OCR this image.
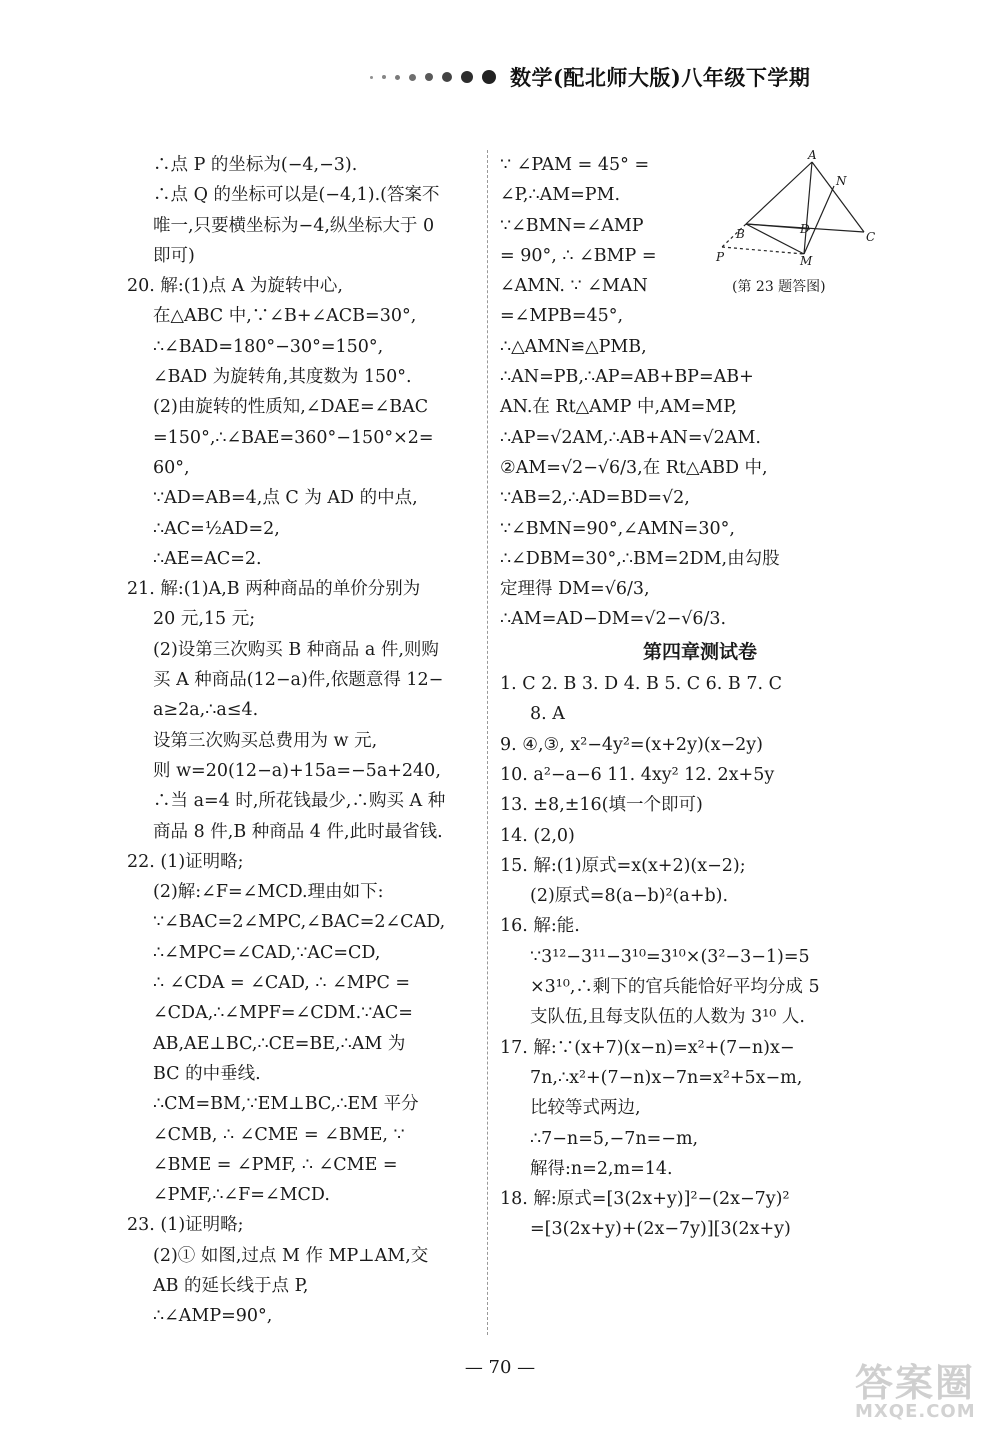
数学(配北师大版)八年级下学期
∴点 P 的坐标为(−4,−3).
∴点 Q 的坐标可以是(−4,1).(答案不
唯一,只要横坐标为−4,纵坐标大于 0
即可)
20. 解:(1)点 A 为旋转中心,
在△ABC 中,∵∠B+∠ACB=30°,
∴∠BAD=180°−30°=150°,
∠BAD 为旋转角,其度数为 150°.
(2)由旋转的性质知,∠DAE=∠BAC
=150°,∴∠BAE=360°−150°×2=
60°,
∵AD=AB=4,点 C 为 AD 的中点,
∴AC=½AD=2,
∴AE=AC=2.
21. 解:(1)A,B 两种商品的单价分别为
20 元,15 元;
(2)设第三次购买 B 种商品 a 件,则购
买 A 种商品(12−a)件,依题意得 12−
a≥2a,∴a≤4.
设第三次购买总费用为 w 元,
则 w=20(12−a)+15a=−5a+240,
∴当 a=4 时,所花钱最少,∴购买 A 种
商品 8 件,B 种商品 4 件,此时最省钱.
22. (1)证明略;
(2)解:∠F=∠MCD.理由如下:
∵∠BAC=2∠MPC,∠BAC=2∠CAD,
∴∠MPC=∠CAD,∵AC=CD,
∴ ∠CDA = ∠CAD, ∴ ∠MPC =
∠CDA,∴∠MPF=∠CDM.∵AC=
AB,AE⊥BC,∴CE=BE,∴AM 为
BC 的中垂线.
∴CM=BM,∵EM⊥BC,∴EM 平分
∠CMB, ∴ ∠CME = ∠BME, ∵
∠BME = ∠PMF, ∴ ∠CME =
∠PMF,∴∠F=∠MCD.
23. (1)证明略;
(2)① 如图,过点 M 作 MP⊥AM,交
AB 的延长线于点 P,
∴∠AMP=90°,
∵ ∠PAM = 45° =
∠P,∴AM=PM.
∵∠BMN=∠AMP
= 90°, ∴ ∠BMP =
∠AMN. ∵ ∠MAN
=∠MPB=45°,
∴△AMN≌△PMB,
∴AN=PB,∴AP=AB+BP=AB+
AN.在 Rt△AMP 中,AM=MP,
∴AP=√2AM,∴AB+AN=√2AM.
②AM=√2−√6/3,在 Rt△ABD 中,
∵AB=2,∴AD=BD=√2,
∵∠BMN=90°,∠AMN=30°,
∴∠DBM=30°,∴BM=2DM,由勾股
定理得 DM=√6/3,
∴AM=AD−DM=√2−√6/3.
第四章测试卷
1. C 2. B 3. D 4. B 5. C 6. B 7. C
8. A
9. ④,③, x²−4y²=(x+2y)(x−2y)
10. a²−a−6 11. 4xy² 12. 2x+5y
13. ±8,±16(填一个即可)
14. (2,0)
15. 解:(1)原式=x(x+2)(x−2);
(2)原式=8(a−b)²(a+b).
16. 解:能.
∵3¹²−3¹¹−3¹⁰=3¹⁰×(3²−3−1)=5
×3¹⁰,∴剩下的官兵能恰好平均分成 5
支队伍,且每支队伍的人数为 3¹⁰ 人.
17. 解:∵(x+7)(x−n)=x²+(7−n)x−
7n,∴x²+(7−n)x−7n=x²+5x−m,
比较等式两边,
∴7−n=5,−7n=−m,
解得:n=2,m=14.
18. 解:原式=[3(2x+y)]²−(2x−7y)²
=[3(2x+y)+(2x−7y)][3(2x+y)
A
N
B	D
C
P	M
(第 23 题答图)
— 70 —	答案圈
MXQE.COM
